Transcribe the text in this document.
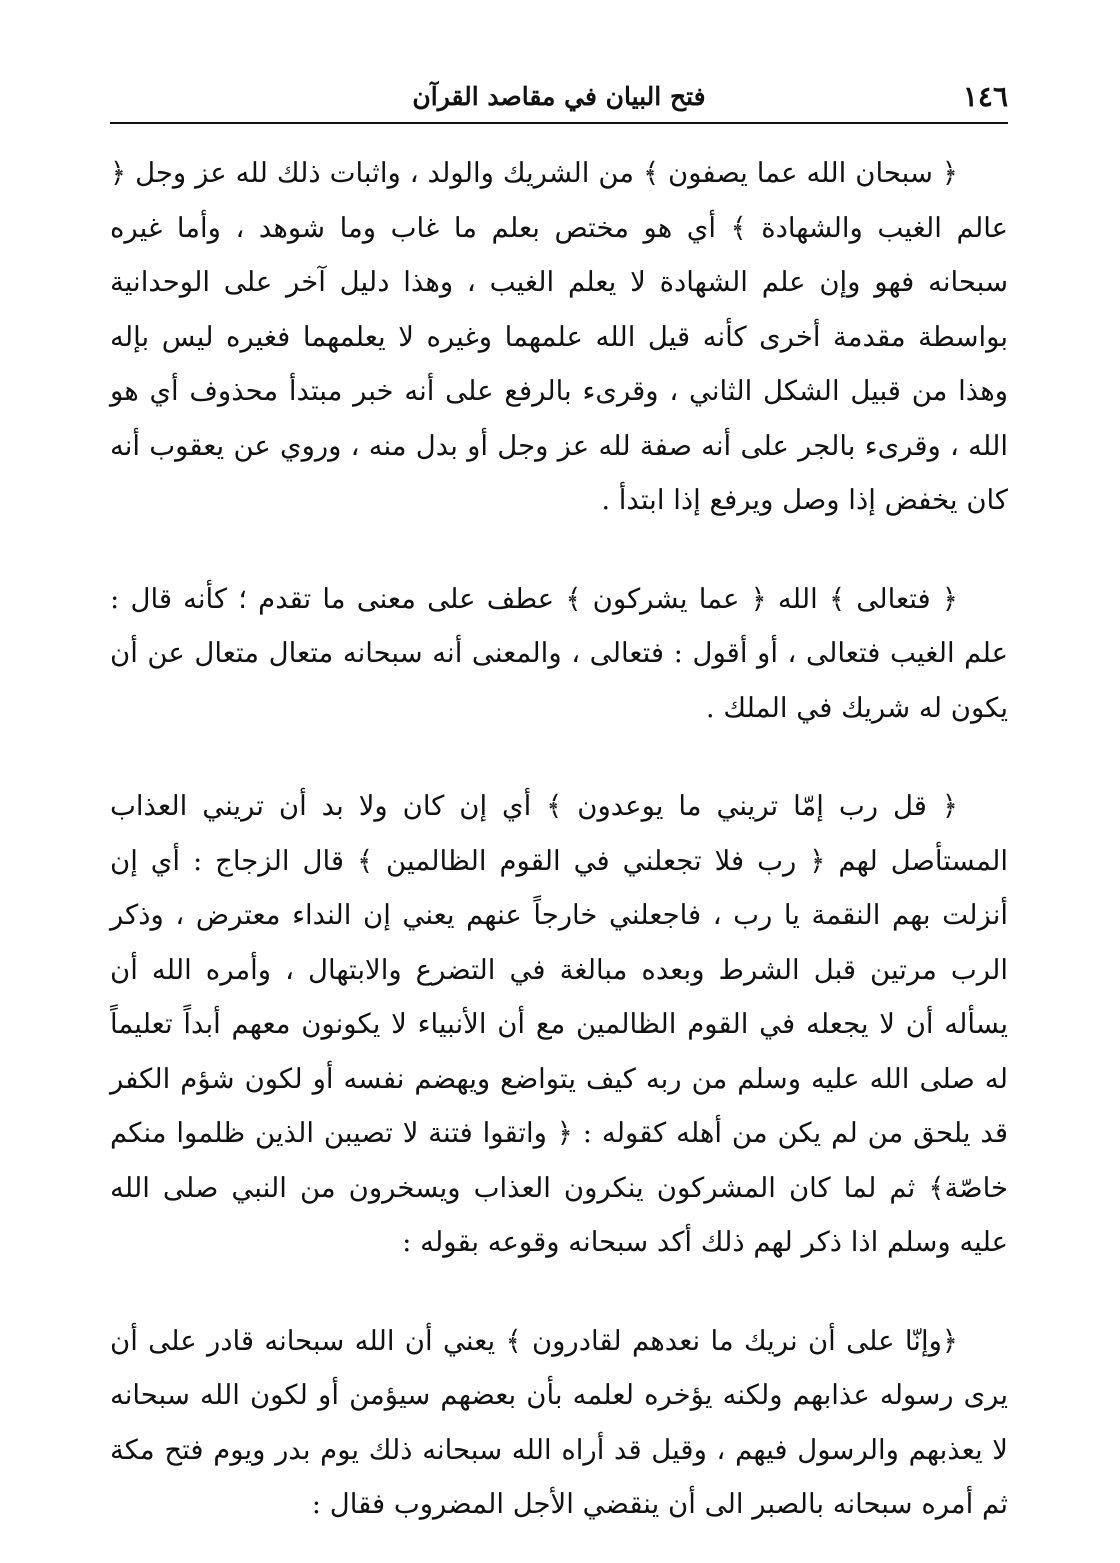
١٤٦
فتح البيان في مقاصد القرآن

﴿ سبحان الله عما يصفون ﴾ من الشريك والولد ، واثبات ذلك لله عز وجل ﴿ عالم الغيب والشهادة ﴾ أي هو مختص بعلم ما غاب وما شوهد ، وأما غيره سبحانه فهو وإن علم الشهادة لا يعلم الغيب ، وهذا دليل آخر على الوحدانية بواسطة مقدمة أخرى كأنه قيل الله علمهما وغيره لا يعلمهما فغيره ليس بإله وهذا من قبيل الشكل الثاني ، وقرىء بالرفع على أنه خبر مبتدأ محذوف أي هو الله ، وقرىء بالجر على أنه صفة لله عز وجل أو بدل منه ، وروي عن يعقوب أنه كان يخفض إذا وصل ويرفع إذا ابتدأ .

﴿ فتعالى ﴾ الله ﴿ عما يشركون ﴾ عطف على معنى ما تقدم ؛ كأنه قال : علم الغيب فتعالى ، أو أقول : فتعالى ، والمعنى أنه سبحانه متعال متعال عن أن يكون له شريك في الملك .

﴿ قل رب إمّا تريني ما يوعدون ﴾ أي إن كان ولا بد أن تريني العذاب المستأصل لهم ﴿ رب فلا تجعلني في القوم الظالمين ﴾ قال الزجاج : أي إن أنزلت بهم النقمة يا رب ، فاجعلني خارجاً عنهم يعني إن النداء معترض ، وذكر الرب مرتين قبل الشرط وبعده مبالغة في التضرع والابتهال ، وأمره الله أن يسأله أن لا يجعله في القوم الظالمين مع أن الأنبياء لا يكونون معهم أبداً تعليماً له صلى الله عليه وسلم من ربه كيف يتواضع ويهضم نفسه أو لكون شؤم الكفر قد يلحق من لم يكن من أهله كقوله : ﴿ واتقوا فتنة لا تصيبن الذين ظلموا منكم خاصّة﴾ ثم لما كان المشركون ينكرون العذاب ويسخرون من النبي صلى الله عليه وسلم اذا ذكر لهم ذلك أكد سبحانه وقوعه بقوله :

﴿وإنّا على أن نريك ما نعدهم لقادرون ﴾ يعني أن الله سبحانه قادر على أن يرى رسوله عذابهم ولكنه يؤخره لعلمه بأن بعضهم سيؤمن أو لكون الله سبحانه لا يعذبهم والرسول فيهم ، وقيل قد أراه الله سبحانه ذلك يوم بدر ويوم فتح مكة ثم أمره سبحانه بالصبر الى أن ينقضي الأجل المضروب فقال :
